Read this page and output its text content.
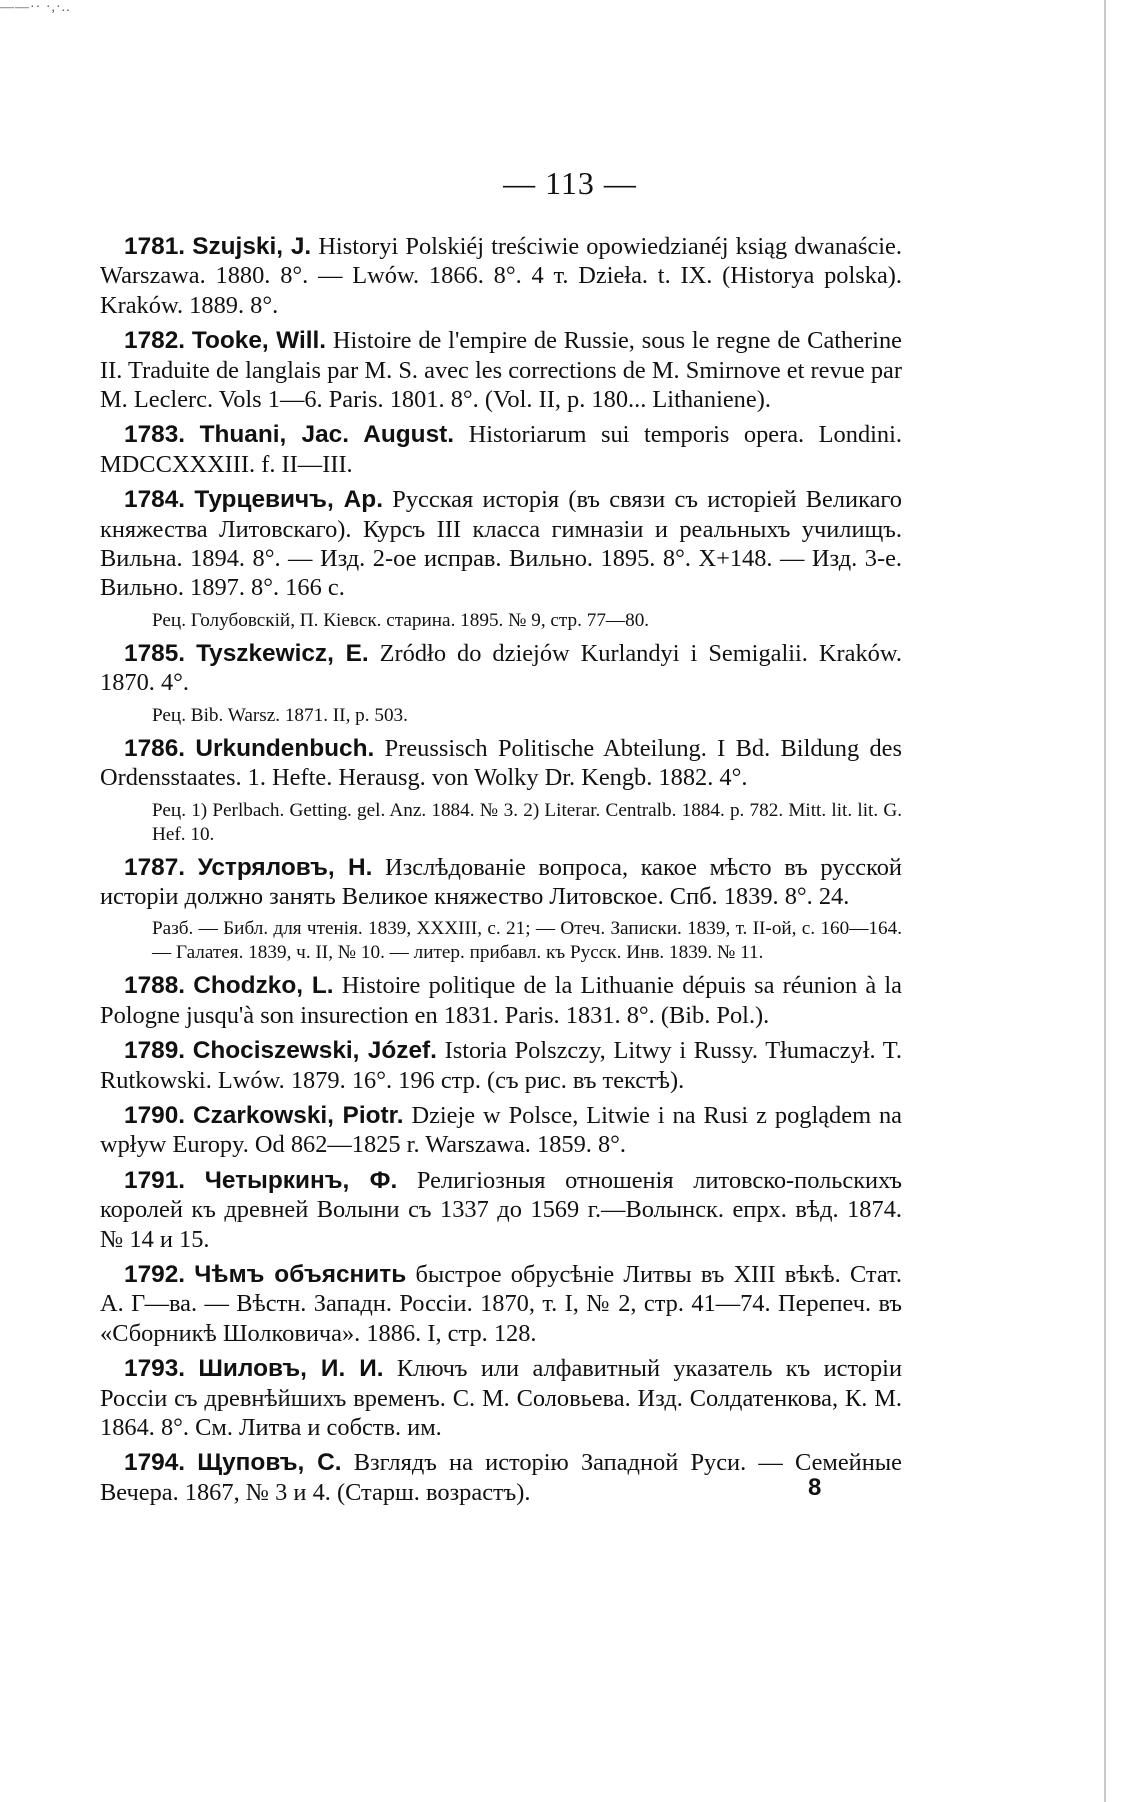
——·· ·,·..
— 113 —

1781. Szujski, J. Historyi Polskiéj treściwie opowiedzianéj ksiąg dwanaście. Warszawa. 1880. 8°. — Lwów. 1866. 8°. 4 т. Dzieła. t. IX. (Historya polska). Kraków. 1889. 8°.

1782. Tooke, Will. Histoire de l'empire de Russie, sous le regne de Catherine II. Traduite de langlais par M. S. avec les corrections de M. Smirnove et revue par M. Leclerc. Vols 1—6. Paris. 1801. 8°. (Vol. II, p. 180... Lithaniene).

1783. Thuani, Jac. August. Historiarum sui temporis opera. Londini. MDCCXXXIII. f. II—III.

1784. Турцевичъ, Ар. Русская исторія (въ связи съ исторіей Великаго княжества Литовскаго). Курсъ III класса гимназіи и реальныхъ училищъ. Вильна. 1894. 8°. — Изд. 2-ое исправ. Вильно. 1895. 8°. X+148. — Изд. 3-е. Вильно. 1897. 8°. 166 с.

Рец. Голубовскій, П. Кіевск. старина. 1895. № 9, стр. 77—80.

1785. Tyszkewicz, E. Zródło do dziejów Kurlandyi i Semigalii. Kraków. 1870. 4°.

Рец. Bib. Warsz. 1871. II, p. 503.

1786. Urkundenbuch. Preussisch Politische Abteilung. I Bd. Bildung des Ordensstaates. 1. Hefte. Herausg. von Wolky Dr. Kengb. 1882. 4°.

Рец. 1) Perlbach. Getting. gel. Anz. 1884. № 3. 2) Literar. Centralb. 1884. p. 782. Mitt. lit. lit. G. Hef. 10.

1787. Устряловъ, Н. Изслѣдованіе вопроса, какое мѣсто въ русской исторіи должно занять Великое княжество Литовское. Спб. 1839. 8°. 24.

Разб. — Библ. для чтенія. 1839, XXXIII, с. 21; — Отеч. Записки. 1839, т. II-ой, с. 160—164. — Галатея. 1839, ч. II, № 10. — литер. прибавл. къ Русск. Инв. 1839. № 11.

1788. Chodzko, L. Histoire politique de la Lithuanie dépuis sa réunion à la Pologne jusqu'à son insurection en 1831. Paris. 1831. 8°. (Bib. Pol.).

1789. Chociszewski, Józef. Istoria Polszczy, Litwy i Russy. Tłumaczył. T. Rutkowski. Lwów. 1879. 16°. 196 стр. (съ рис. въ текстѣ).

1790. Czarkowski, Piotr. Dzieje w Polsce, Litwie i na Rusi z poglądem na wpływ Europy. Od 862—1825 r. Warszawa. 1859. 8°.

1791. Четыркинъ, Ф. Религіозныя отношенія литовско-польскихъ королей къ древней Волыни съ 1337 до 1569 г.—Волынск. епрх. вѣд. 1874. № 14 и 15.

1792. Чѣмъ объяснить быстрое обрусѣніе Литвы въ XIII вѣкѣ. Стат. А. Г—ва. — Вѣстн. Западн. Россіи. 1870, т. I, № 2, стр. 41—74. Перепеч. въ «Сборникѣ Шолковича». 1886. I, стр. 128.

1793. Шиловъ, И. И. Ключъ или алфавитный указатель къ исторіи Россіи съ древнѣйшихъ временъ. С. М. Соловьева. Изд. Солдатенкова, К. М. 1864. 8°. См. Литва и собств. им.

1794. Щуповъ, С. Взглядъ на исторію Западной Руси. — Семейные Вечера. 1867, № 3 и 4. (Старш. возрастъ).	8
